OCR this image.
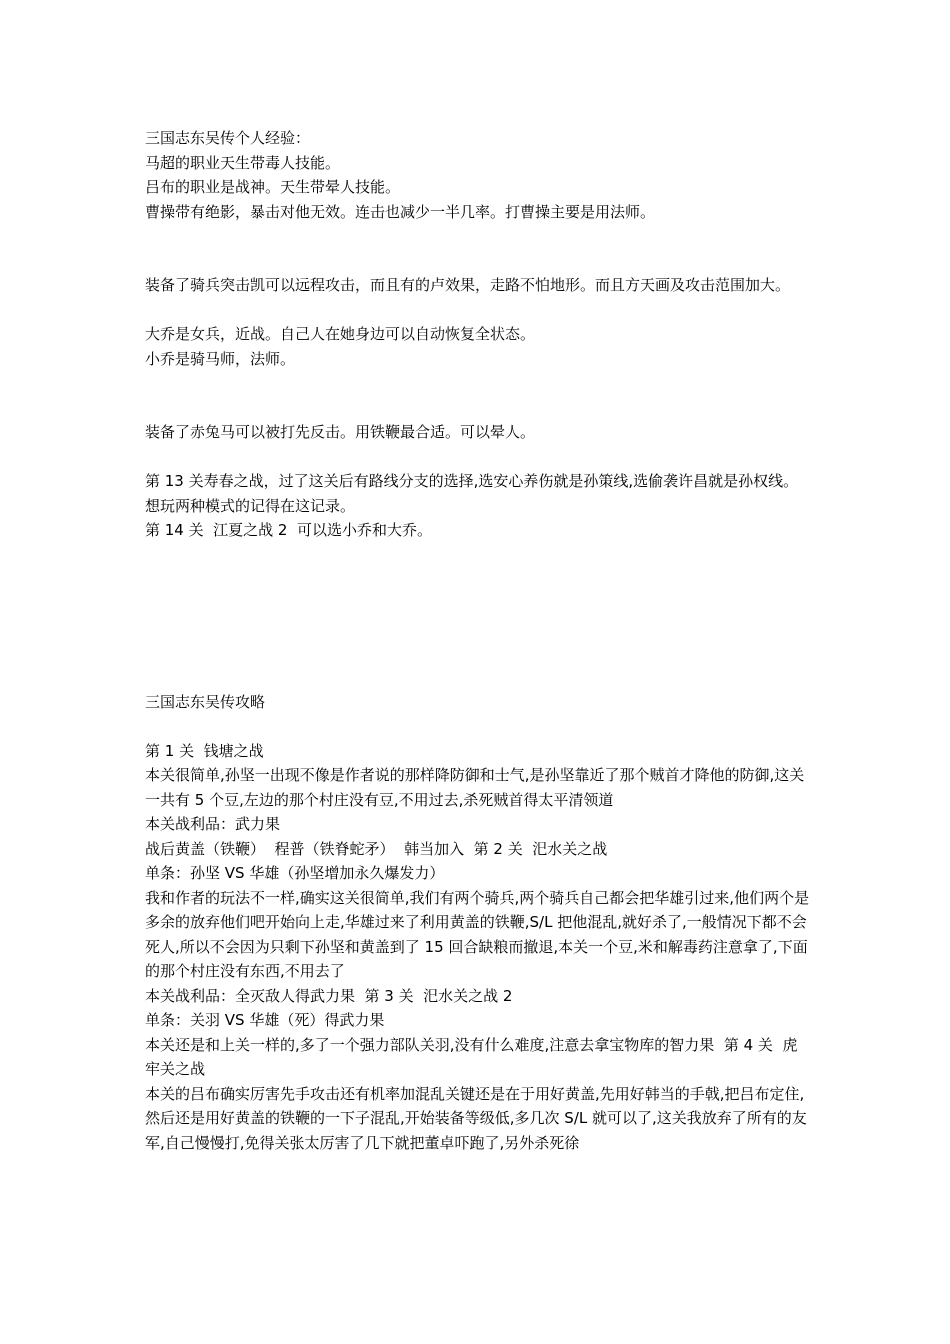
三国志东吴传个人经验：

马超的职业天生带毒人技能。

吕布的职业是战神。天生带晕人技能。

曹操带有绝影，暴击对他无效。连击也减少一半几率。打曹操主要是用法师。

装备了骑兵突击凯可以远程攻击，而且有的卢效果，走路不怕地形。而且方天画及攻击范围加大。

大乔是女兵，近战。自己人在她身边可以自动恢复全状态。

小乔是骑马师，法师。

装备了赤兔马可以被打先反击。用铁鞭最合适。可以晕人。

第 13 关寿春之战，过了这关后有路线分支的选择,选安心养伤就是孙策线,选偷袭许昌就是孙权线。想玩两种模式的记得在这记录。

第 14 关  江夏之战 2  可以选小乔和大乔。

三国志东吴传攻略

第 1 关  钱塘之战

本关很简单,孙坚一出现不像是作者说的那样降防御和士气,是孙坚靠近了那个贼首才降他的防御,这关一共有 5 个豆,左边的那个村庄没有豆,不用过去,杀死贼首得太平清领道

本关战利品：武力果

战后黄盖（铁鞭）  程普（铁脊蛇矛）  韩当加入  第 2 关  汜水关之战

单条：孙坚 VS 华雄（孙坚增加永久爆发力）

我和作者的玩法不一样,确实这关很简单,我们有两个骑兵,两个骑兵自己都会把华雄引过来,他们两个是多余的放弃他们吧开始向上走,华雄过来了利用黄盖的铁鞭,S/L 把他混乱,就好杀了,一般情况下都不会死人,所以不会因为只剩下孙坚和黄盖到了 15 回合缺粮而撤退,本关一个豆,米和解毒药注意拿了,下面的那个村庄没有东西,不用去了

本关战利品：全灭敌人得武力果  第 3 关  汜水关之战 2

单条：关羽 VS 华雄（死）得武力果

本关还是和上关一样的,多了一个强力部队关羽,没有什么难度,注意去拿宝物库的智力果  第 4 关  虎牢关之战

本关的吕布确实厉害先手攻击还有机率加混乱关键还是在于用好黄盖,先用好韩当的手戟,把吕布定住,然后还是用好黄盖的铁鞭的一下子混乱,开始装备等级低,多几次 S/L 就可以了,这关我放弃了所有的友军,自己慢慢打,免得关张太厉害了几下就把董卓吓跑了,另外杀死徐
